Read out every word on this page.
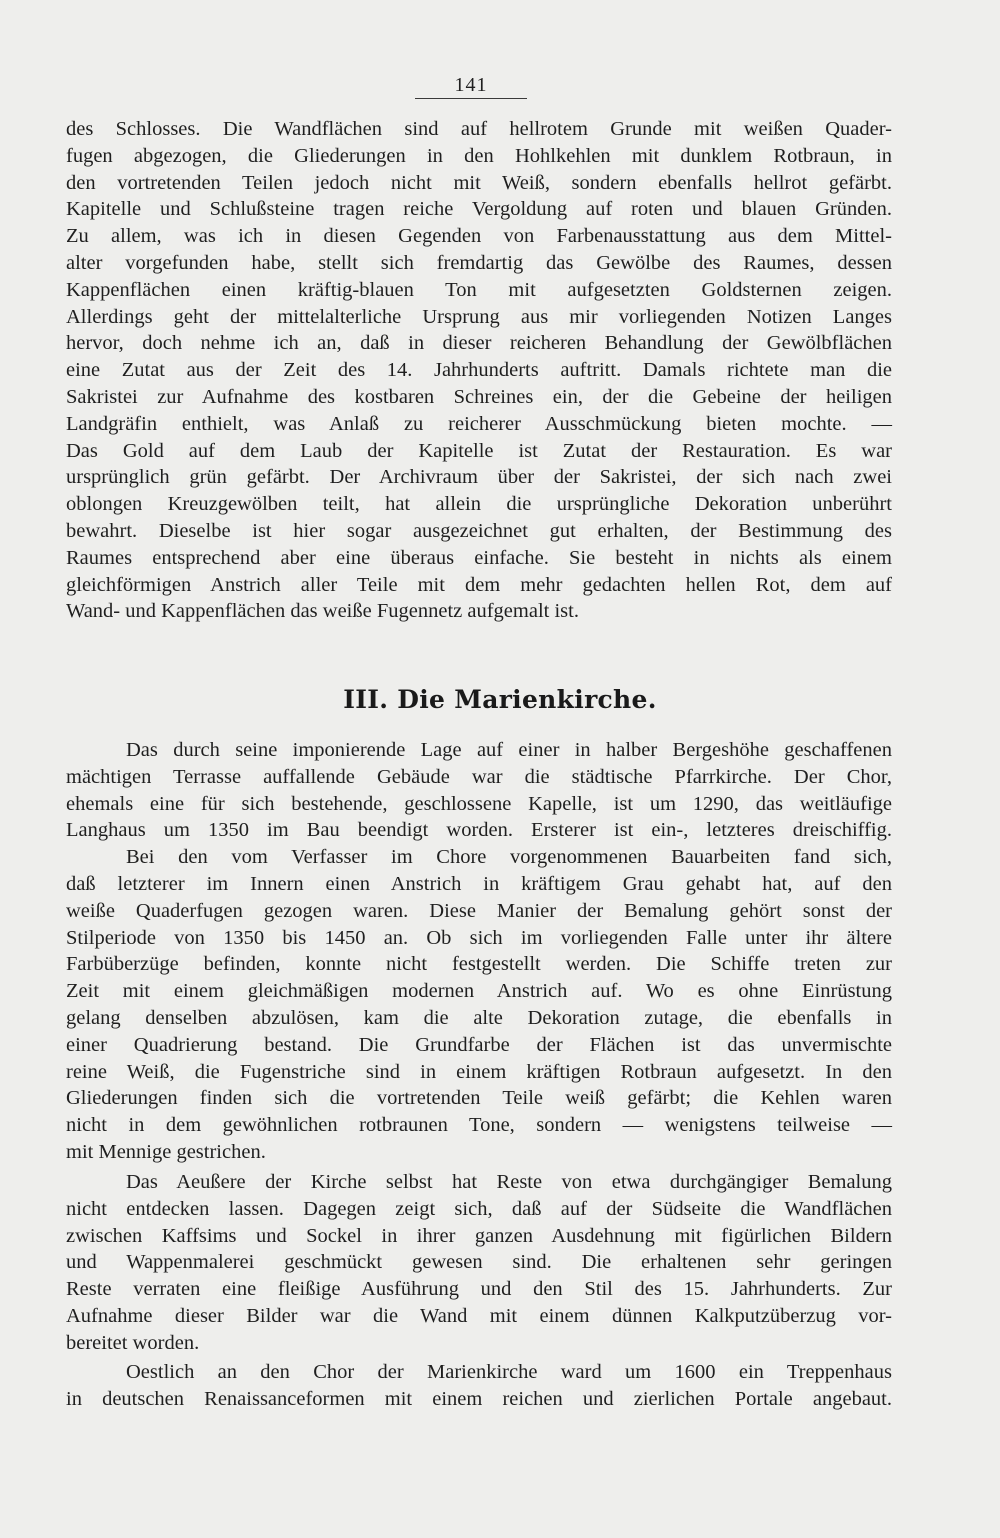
141
des Schlosses. Die Wandflächen sind auf hellrotem Grunde mit weißen Quader-
fugen abgezogen, die Gliederungen in den Hohlkehlen mit dunklem Rotbraun, in
den vortretenden Teilen jedoch nicht mit Weiß, sondern ebenfalls hellrot gefärbt.
Kapitelle und Schlußsteine tragen reiche Vergoldung auf roten und blauen Gründen.
Zu allem, was ich in diesen Gegenden von Farbenausstattung aus dem Mittel-
alter vorgefunden habe, stellt sich fremdartig das Gewölbe des Raumes, dessen
Kappenflächen einen kräftig-blauen Ton mit aufgesetzten Goldsternen zeigen.
Allerdings geht der mittelalterliche Ursprung aus mir vorliegenden Notizen Langes
hervor, doch nehme ich an, daß in dieser reicheren Behandlung der Gewölbflächen
eine Zutat aus der Zeit des 14. Jahrhunderts auftritt. Damals richtete man die
Sakristei zur Aufnahme des kostbaren Schreines ein, der die Gebeine der heiligen
Landgräfin enthielt, was Anlaß zu reicherer Ausschmückung bieten mochte. —
Das Gold auf dem Laub der Kapitelle ist Zutat der Restauration. Es war
ursprünglich grün gefärbt. Der Archivraum über der Sakristei, der sich nach zwei
oblongen Kreuzgewölben teilt, hat allein die ursprüngliche Dekoration unberührt
bewahrt. Dieselbe ist hier sogar ausgezeichnet gut erhalten, der Bestimmung des
Raumes entsprechend aber eine überaus einfache. Sie besteht in nichts als einem
gleichförmigen Anstrich aller Teile mit dem mehr gedachten hellen Rot, dem auf
Wand- und Kappenflächen das weiße Fugennetz aufgemalt ist.
III. Die Marienkirche.
Das durch seine imponierende Lage auf einer in halber Bergeshöhe geschaffenen
mächtigen Terrasse auffallende Gebäude war die städtische Pfarrkirche. Der Chor,
ehemals eine für sich bestehende, geschlossene Kapelle, ist um 1290, das weitläufige
Langhaus um 1350 im Bau beendigt worden. Ersterer ist ein-, letzteres dreischiffig.
Bei den vom Verfasser im Chore vorgenommenen Bauarbeiten fand sich,
daß letzterer im Innern einen Anstrich in kräftigem Grau gehabt hat, auf den
weiße Quaderfugen gezogen waren. Diese Manier der Bemalung gehört sonst der
Stilperiode von 1350 bis 1450 an. Ob sich im vorliegenden Falle unter ihr ältere
Farbüberzüge befinden, konnte nicht festgestellt werden. Die Schiffe treten zur
Zeit mit einem gleichmäßigen modernen Anstrich auf. Wo es ohne Einrüstung
gelang denselben abzulösen, kam die alte Dekoration zutage, die ebenfalls in
einer Quadrierung bestand. Die Grundfarbe der Flächen ist das unvermischte
reine Weiß, die Fugenstriche sind in einem kräftigen Rotbraun aufgesetzt. In den
Gliederungen finden sich die vortretenden Teile weiß gefärbt; die Kehlen waren
nicht in dem gewöhnlichen rotbraunen Tone, sondern — wenigstens teilweise —
mit Mennige gestrichen.
Das Aeußere der Kirche selbst hat Reste von etwa durchgängiger Bemalung
nicht entdecken lassen. Dagegen zeigt sich, daß auf der Südseite die Wandflächen
zwischen Kaffsims und Sockel in ihrer ganzen Ausdehnung mit figürlichen Bildern
und Wappenmalerei geschmückt gewesen sind. Die erhaltenen sehr geringen
Reste verraten eine fleißige Ausführung und den Stil des 15. Jahrhunderts. Zur
Aufnahme dieser Bilder war die Wand mit einem dünnen Kalkputzüberzug vor-
bereitet worden.
Oestlich an den Chor der Marienkirche ward um 1600 ein Treppenhaus
in deutschen Renaissanceformen mit einem reichen und zierlichen Portale angebaut.
